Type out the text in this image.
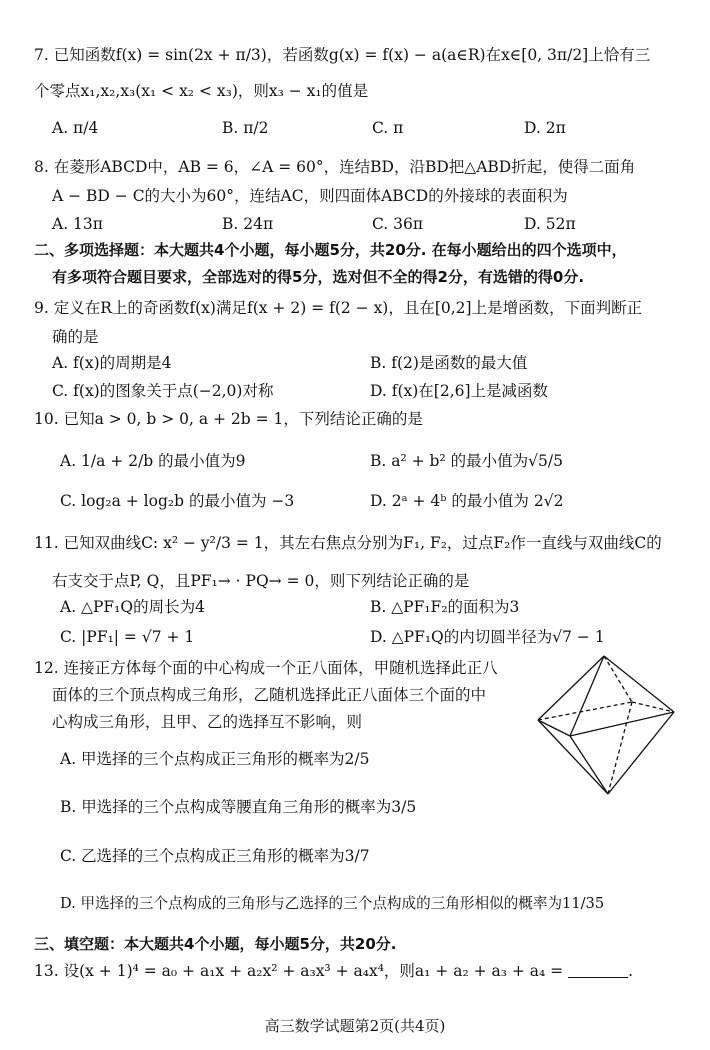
7. 已知函数f(x) = sin(2x + π/3)，若函数g(x) = f(x) − a(a∈R)在x∈[0, 3π/2]上恰有三
个零点x₁,x₂,x₃(x₁ < x₂ < x₃)，则x₃ − x₁的值是
A. π/4	B. π/2	C. π	D. 2π
8. 在菱形ABCD中，AB = 6，∠A = 60°，连结BD，沿BD把△ABD折起，使得二面角
A − BD − C的大小为60°，连结AC，则四面体ABCD的外接球的表面积为
A. 13π	B. 24π	C. 36π	D. 52π
二、多项选择题：本大题共4个小题，每小题5分，共20分. 在每小题给出的四个选项中，
有多项符合题目要求，全部选对的得5分，选对但不全的得2分，有选错的得0分.
9. 定义在R上的奇函数f(x)满足f(x + 2) = f(2 − x)，且在[0,2]上是增函数，下面判断正
确的是
A. f(x)的周期是4	B. f(2)是函数的最大值
C. f(x)的图象关于点(−2,0)对称	D. f(x)在[2,6]上是减函数
10. 已知a > 0, b > 0, a + 2b = 1，下列结论正确的是
A. 1/a + 2/b 的最小值为9	B. a² + b² 的最小值为√5/5
C. log₂a + log₂b 的最小值为 −3	D. 2ᵃ + 4ᵇ 的最小值为 2√2
11. 已知双曲线C: x² − y²/3 = 1，其左右焦点分别为F₁, F₂，过点F₂作一直线与双曲线C的
右支交于点P, Q，且PF₁→ · PQ→ = 0，则下列结论正确的是
A. △PF₁Q的周长为4	B. △PF₁F₂的面积为3
C. |PF₁| = √7 + 1	D. △PF₁Q的内切圆半径为√7 − 1
12. 连接正方体每个面的中心构成一个正八面体，甲随机选择此正八
面体的三个顶点构成三角形，乙随机选择此正八面体三个面的中
心构成三角形，且甲、乙的选择互不影响，则
A. 甲选择的三个点构成正三角形的概率为2/5
B. 甲选择的三个点构成等腰直角三角形的概率为3/5
C. 乙选择的三个点构成正三角形的概率为3/7
D. 甲选择的三个点构成的三角形与乙选择的三个点构成的三角形相似的概率为11/35
三、填空题：本大题共4个小题，每小题5分，共20分.
13. 设(x + 1)⁴ = a₀ + a₁x + a₂x² + a₃x³ + a₄x⁴，则a₁ + a₂ + a₃ + a₄ =	.
高三数学试题第2页(共4页)
